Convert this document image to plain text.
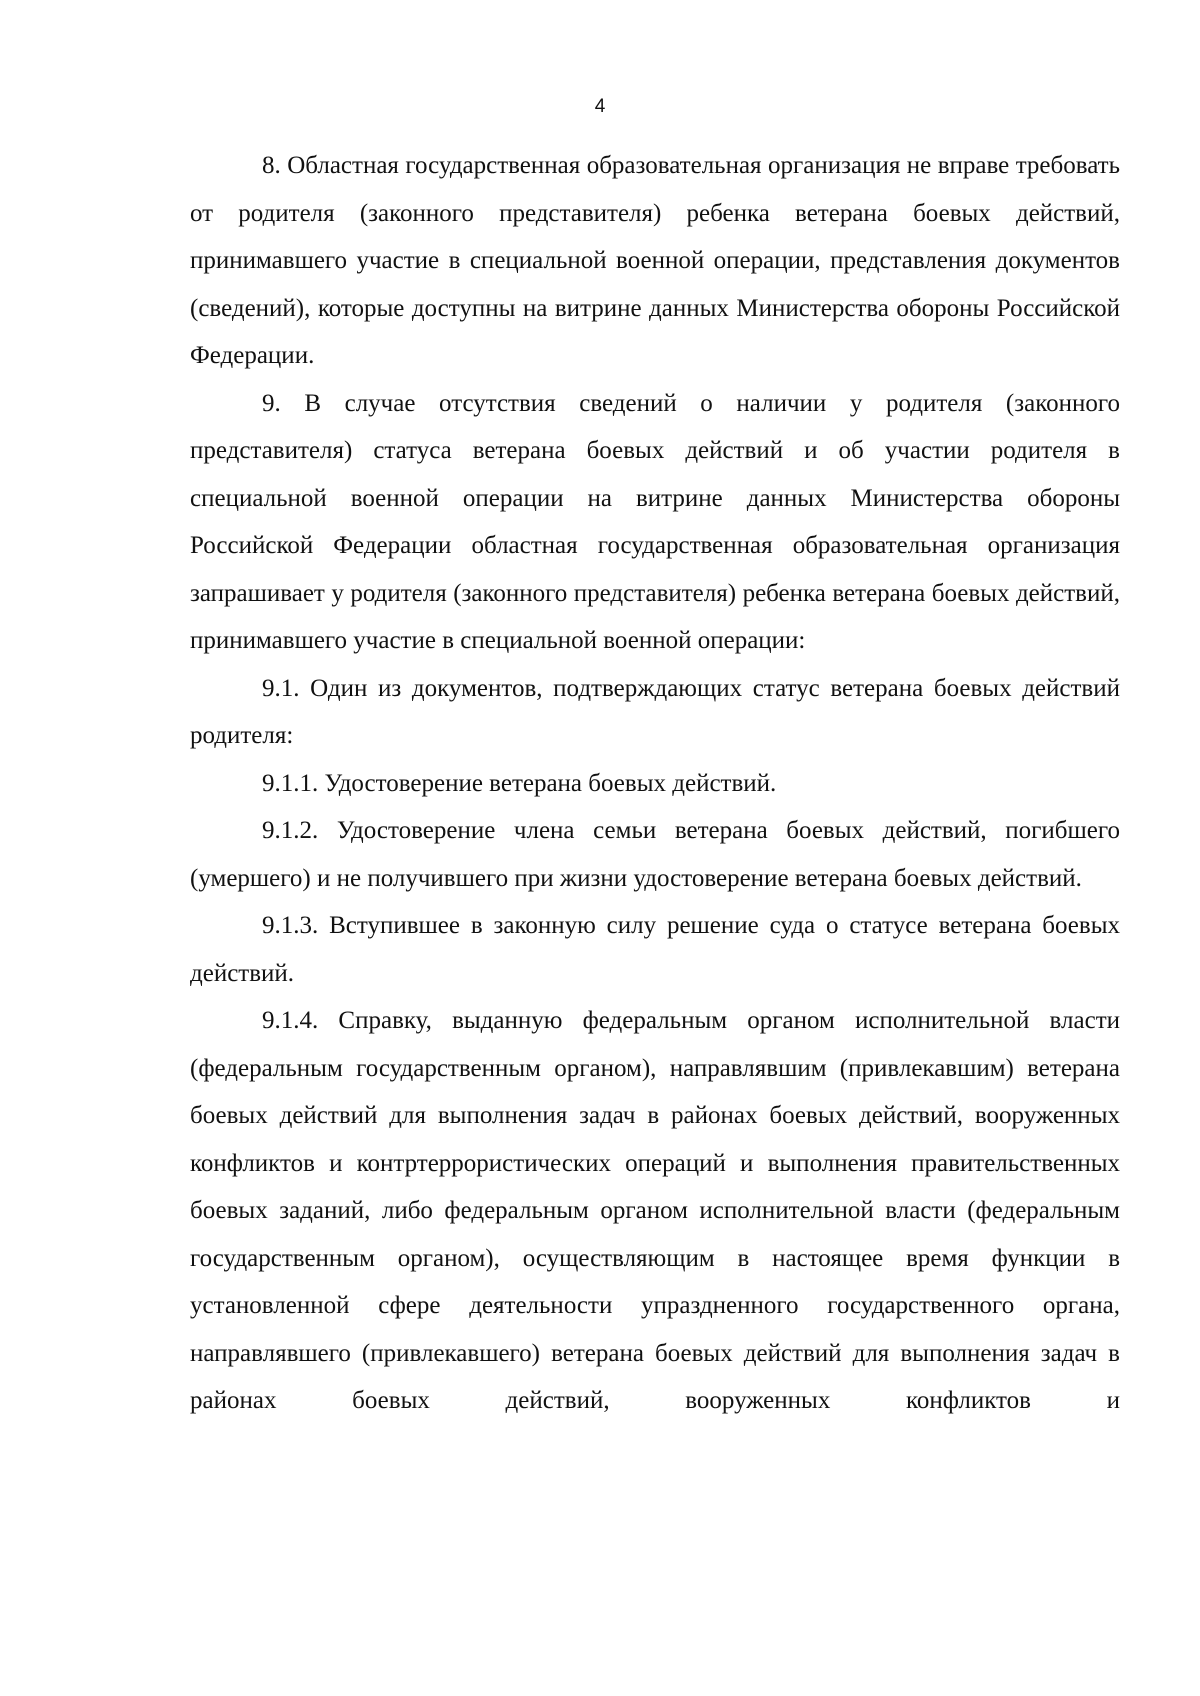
4

8. Областная государственная образовательная организация не вправе требовать от родителя (законного представителя) ребенка ветерана боевых действий, принимавшего участие в специальной военной операции, представления документов (сведений), которые доступны на витрине данных Министерства обороны Российской Федерации.

9. В случае отсутствия сведений о наличии у родителя (законного представителя) статуса ветерана боевых действий и об участии родителя в специальной военной операции на витрине данных Министерства обороны Российской Федерации областная государственная образовательная организация запрашивает у родителя (законного представителя) ребенка ветерана боевых действий, принимавшего участие в специальной военной операции:

9.1. Один из документов, подтверждающих статус ветерана боевых действий родителя:

9.1.1. Удостоверение ветерана боевых действий.

9.1.2. Удостоверение члена семьи ветерана боевых действий, погибшего (умершего) и не получившего при жизни удостоверение ветерана боевых действий.

9.1.3. Вступившее в законную силу решение суда о статусе ветерана боевых действий.

9.1.4. Справку, выданную федеральным органом исполнительной власти (федеральным государственным органом), направлявшим (привлекавшим) ветерана боевых действий для выполнения задач в районах боевых действий, вооруженных конфликтов и контртеррористических операций и выполнения правительственных боевых заданий, либо федеральным органом исполнительной власти (федеральным государственным органом), осуществляющим в настоящее время функции в установленной сфере деятельности упраздненного государственного органа, направлявшего (привлекавшего) ветерана боевых действий для выполнения задач в районах боевых действий, вооруженных конфликтов и
